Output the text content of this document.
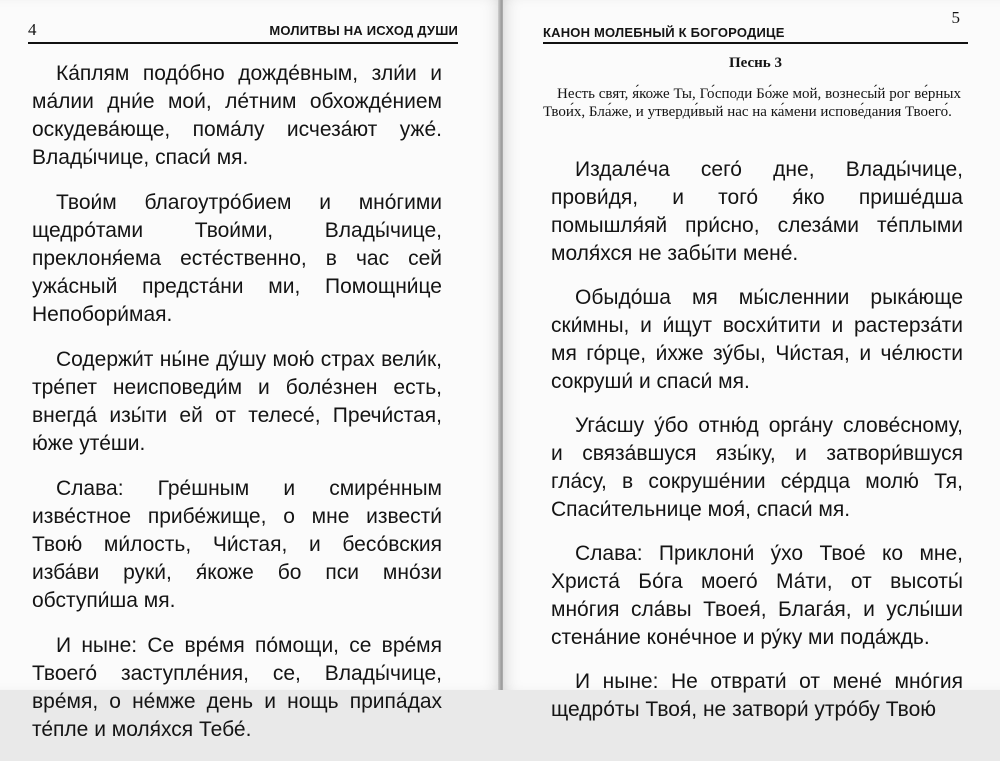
4	МОЛИТВЫ НА ИСХОД ДУШИ

Ка́плям подо́бно дожде́вным, зли́и и ма́лии дни́е мои́, ле́тним обхожде́нием оскудева́юще, пома́лу исчеза́ют уже́. Влады́чице, спаси́ мя.

Твои́м благоутро́бием и мно́гими щедро́тами Твои́ми, Влады́чице, преклоня́ема есте́ственно, в час сей ужа́сный предста́ни ми, Помощни́це Непобори́мая.

Содержи́т ны́не ду́шу мою́ страх вели́к, тре́пет неисповеди́м и боле́знен есть, внегда́ изы́ти ей от телесе́, Пречи́стая, ю́же уте́ши.

Слава: Гре́шным и смире́нным изве́стное прибе́жище, о мне извести́ Твою́ ми́лость, Чи́стая, и бесо́вския изба́ви руки́, я́коже бо пси мно́зи обступи́ша мя.

И ныне: Се вре́мя по́мощи, се вре́мя Твоего́ заступле́ния, се, Влады́чице, вре́мя, о не́мже день и нощь припа́дах те́пле и моля́хся Тебе́.

КАНОН МОЛЕБНЫЙ К БОГОРОДИЦЕ
5
Песнь 3
Несть свят, я́коже Ты, Го́споди Бо́же мой, вознесы́й рог ве́рных Твои́х, Бла́же, и утверди́вый нас на ка́мени испове́дания Твоего́.

Издале́ча сего́ дне, Влады́чице, прови́дя, и того́ я́ко прише́дша помышля́яй при́сно, слеза́ми те́плыми моля́хся не забы́ти мене́.

Обыдо́ша мя мы́сленнии рыка́юще ски́мны, и и́щут восхи́тити и растерза́ти мя го́рце, и́хже зу́бы, Чи́стая, и че́люсти сокруши́ и спаси́ мя.

Уга́сшу у́бо отню́д орга́ну слове́сному, и связа́вшуся язы́ку, и затвори́вшуся гла́су, в сокруше́нии се́рдца молю́ Тя, Спаси́тельнице моя́, спаси́ мя.

Слава: Приклони́ у́хо Твое́ ко мне, Христа́ Бо́га моего́ Ма́ти, от высоты́ мно́гия сла́вы Твоея́, Блага́я, и услы́ши стена́ние коне́чное и ру́ку ми пода́ждь.

И ныне: Не отврати́ от мене́ мно́гия щедро́ты Твоя́, не затвори́ утро́бу Твою́
